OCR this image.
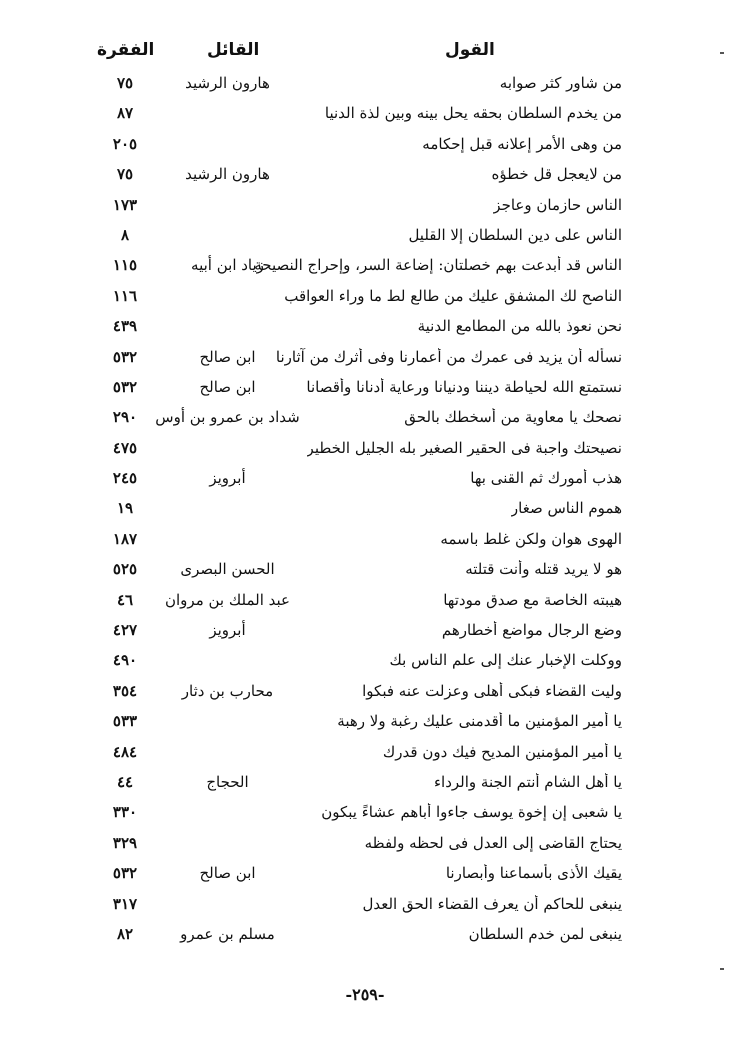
القول
القائل
الفقرة
من شاور كثر صوابه
هارون الرشيد
٧٥
من يخدم السلطان بحقه يحل بينه وبين لذة الدنيا
٨٧
من وهى الأمر إعلانه قبل إحكامه
٢٠٥
من لايعجل قل خطؤه
هارون الرشيد
٧٥
الناس حازمان وعاجز
١٧٣
الناس على دين السلطان إلا القليل
٨
الناس قد أبدعت بهم خصلتان: إضاعة السر، وإحراج النصيحة
زياد ابن أبيه
١١٥
الناصح لك المشفق عليك من طالع لط ما وراء العواقب
١١٦
نحن نعوذ بالله من المطامع الدنية
٤٣٩
نسأله أن يزيد فى عمرك من أعمارنا وفى أثرك من آثارنا
ابن صالح
٥٣٢
نستمتع الله لحياطة ديننا ودنيانا ورعاية أدنانا وأقصانا
ابن صالح
٥٣٢
نصحك يا معاوية من أسخطك بالحق
شداد بن عمرو بن أوس
٢٩٠
نصيحتك واجبة فى الحقير الصغير بله الجليل الخطير
٤٧٥
هذب أمورك ثم القنى بها
أبرويز
٢٤٥
هموم الناس صغار
١٩
الهوى هوان ولكن غلط باسمه
١٨٧
هو لا يريد قتله وأنت قتلته
الحسن البصرى
٥٢٥
هيبته الخاصة مع صدق مودتها
عبد الملك بن مروان
٤٦
وضع الرجال مواضع أخطارهم
أبرويز
٤٢٧
ووكلت الإخبار عنك إلى علم الناس بك
٤٩٠
وليت القضاء فبكى أهلى وعزلت عنه فبكوا
محارب بن دثار
٣٥٤
يا أمير المؤمنين ما أقدمنى عليك رغبة ولا رهبة
٥٣٣
يا أمير المؤمنين المديح فيك دون قدرك
٤٨٤
يا أهل الشام أنتم الجنة والرداء
الحجاج
٤٤
يا شعبى إن إخوة يوسف جاءوا أباهم عشاءً يبكون
٣٣٠
يحتاج القاضى إلى العدل فى لحظه ولفظه
٣٢٩
يقيك الأذى بأسماعنا وأبصارنا
ابن صالح
٥٣٢
ينبغى للحاكم أن يعرف القضاء الحق العدل
٣١٧
ينبغى لمن خدم السلطان
مسلم بن عمرو
٨٢
-٢٥٩-
